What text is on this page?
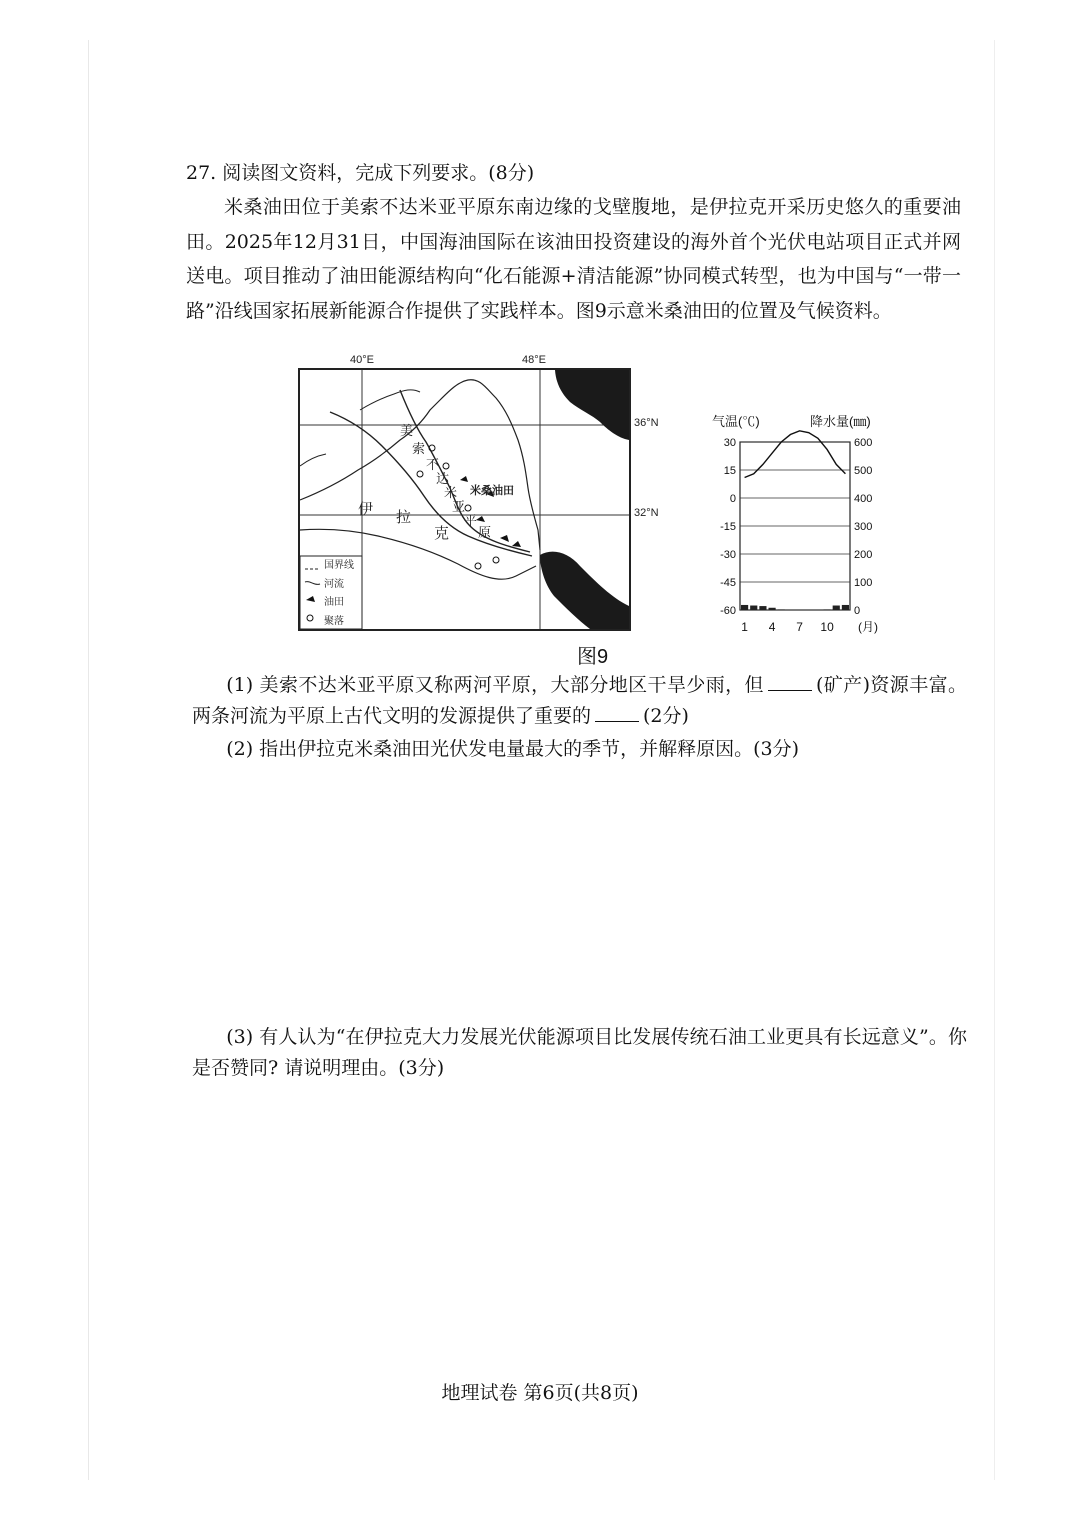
27. 阅读图文资料，完成下列要求。(8分)
米桑油田位于美索不达米亚平原东南边缘的戈壁腹地，是伊拉克开采历史悠久的重要油田。2025年12月31日，中国海油国际在该油田投资建设的海外首个光伏电站项目正式并网送电。项目推动了油田能源结构向“化石能源+清洁能源”协同模式转型，也为中国与“一带一路”沿线国家拓展新能源合作提供了实践样本。图9示意米桑油田的位置及气候资料。
国界线
河流
油田
聚落
美
索
不
达
米
亚
平
原
伊 拉
克
米桑油田
40°E	48°E
36°N
32°N
气温(℃)	降水量(㎜)
(月)
30	600
15	500
0	400
-15	300
-30	200
-45	100
-60	0
1 4 7 10
图9
(1) 美索不达米亚平原又称两河平原，大部分地区干旱少雨，但	(矿产)资源丰富。两条河流为平原上古代文明的发源提供了重要的	(2分)
(2) 指出伊拉克米桑油田光伏发电量最大的季节，并解释原因。(3分)
(3) 有人认为“在伊拉克大力发展光伏能源项目比发展传统石油工业更具有长远意义”。你是否赞同? 请说明理由。(3分)
地理试卷 第6页(共8页)
